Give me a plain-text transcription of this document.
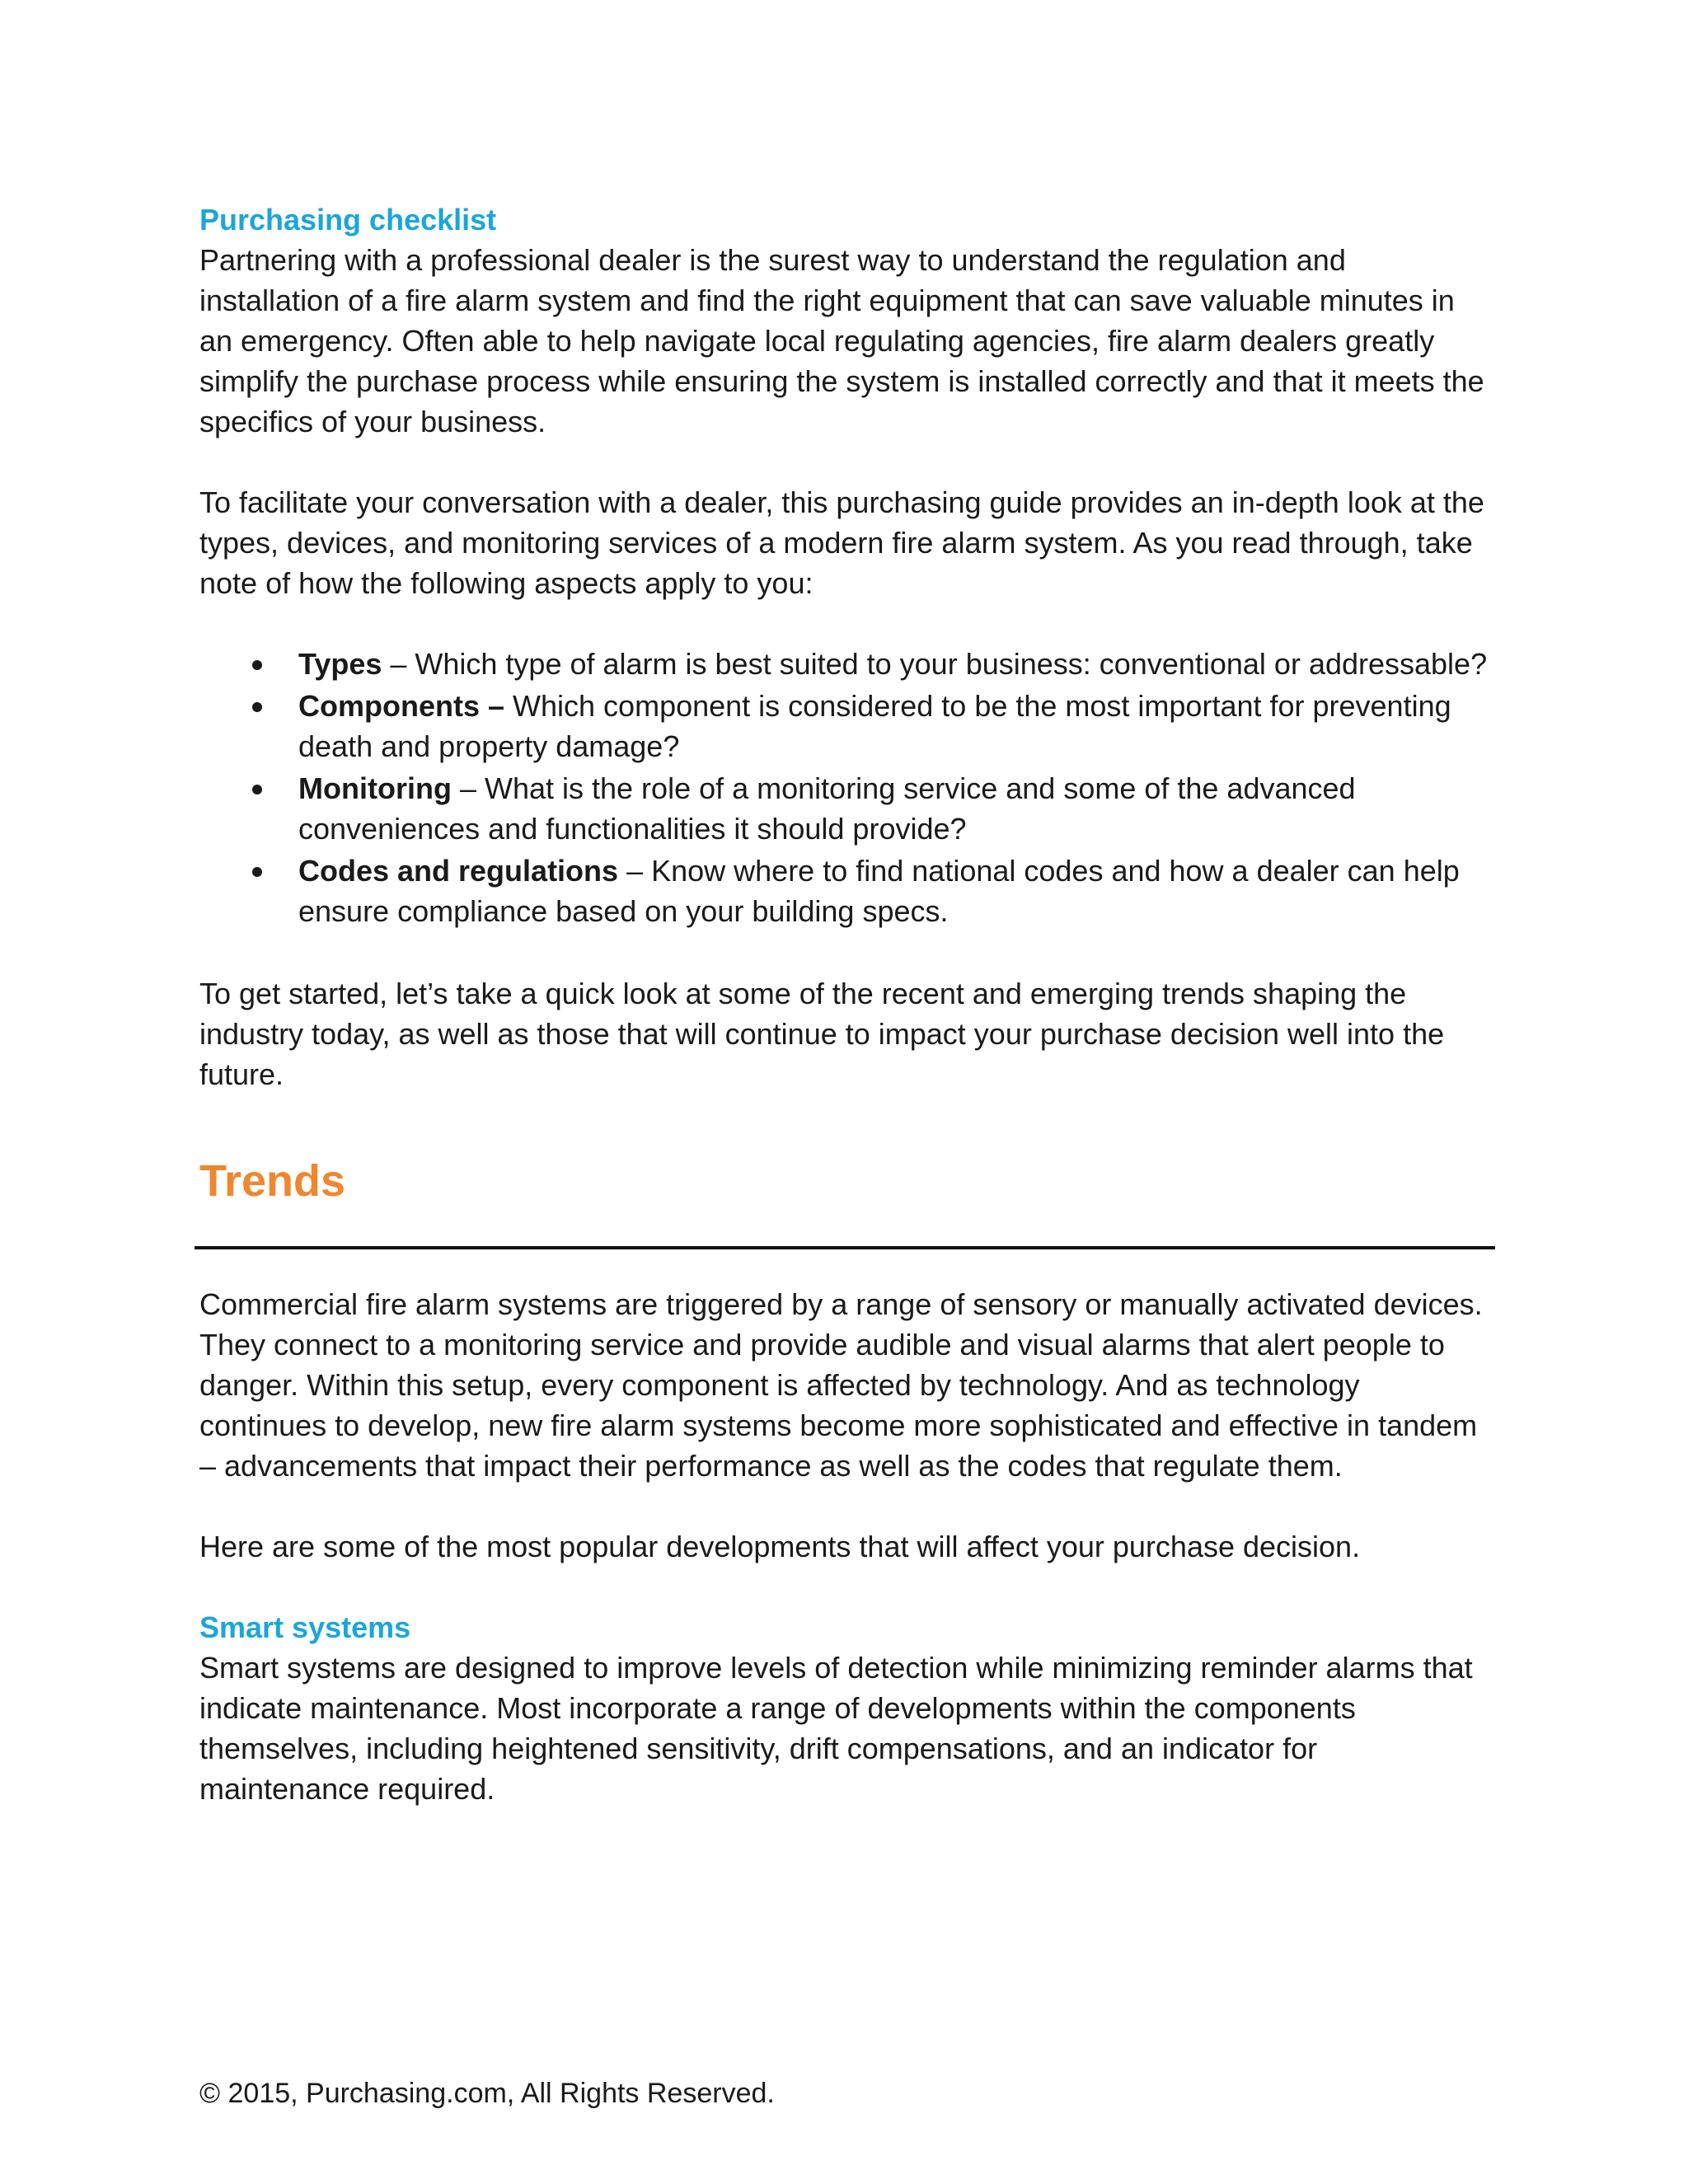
Purchasing checklist

Partnering with a professional dealer is the surest way to understand the regulation and installation of a fire alarm system and find the right equipment that can save valuable minutes in an emergency. Often able to help navigate local regulating agencies, fire alarm dealers greatly simplify the purchase process while ensuring the system is installed correctly and that it meets the specifics of your business.

To facilitate your conversation with a dealer, this purchasing guide provides an in-depth look at the types, devices, and monitoring services of a modern fire alarm system. As you read through, take note of how the following aspects apply to you:

Types – Which type of alarm is best suited to your business: conventional or addressable?
Components – Which component is considered to be the most important for preventing death and property damage?
Monitoring – What is the role of a monitoring service and some of the advanced conveniences and functionalities it should provide?
Codes and regulations – Know where to find national codes and how a dealer can help ensure compliance based on your building specs.

To get started, let’s take a quick look at some of the recent and emerging trends shaping the industry today, as well as those that will continue to impact your purchase decision well into the future.

Trends

Commercial fire alarm systems are triggered by a range of sensory or manually activated devices. They connect to a monitoring service and provide audible and visual alarms that alert people to danger. Within this setup, every component is affected by technology. And as technology continues to develop, new fire alarm systems become more sophisticated and effective in tandem – advancements that impact their performance as well as the codes that regulate them.

Here are some of the most popular developments that will affect your purchase decision.

Smart systems

Smart systems are designed to improve levels of detection while minimizing reminder alarms that indicate maintenance. Most incorporate a range of developments within the components themselves, including heightened sensitivity, drift compensations, and an indicator for maintenance required.

© 2015, Purchasing.com, All Rights Reserved.
